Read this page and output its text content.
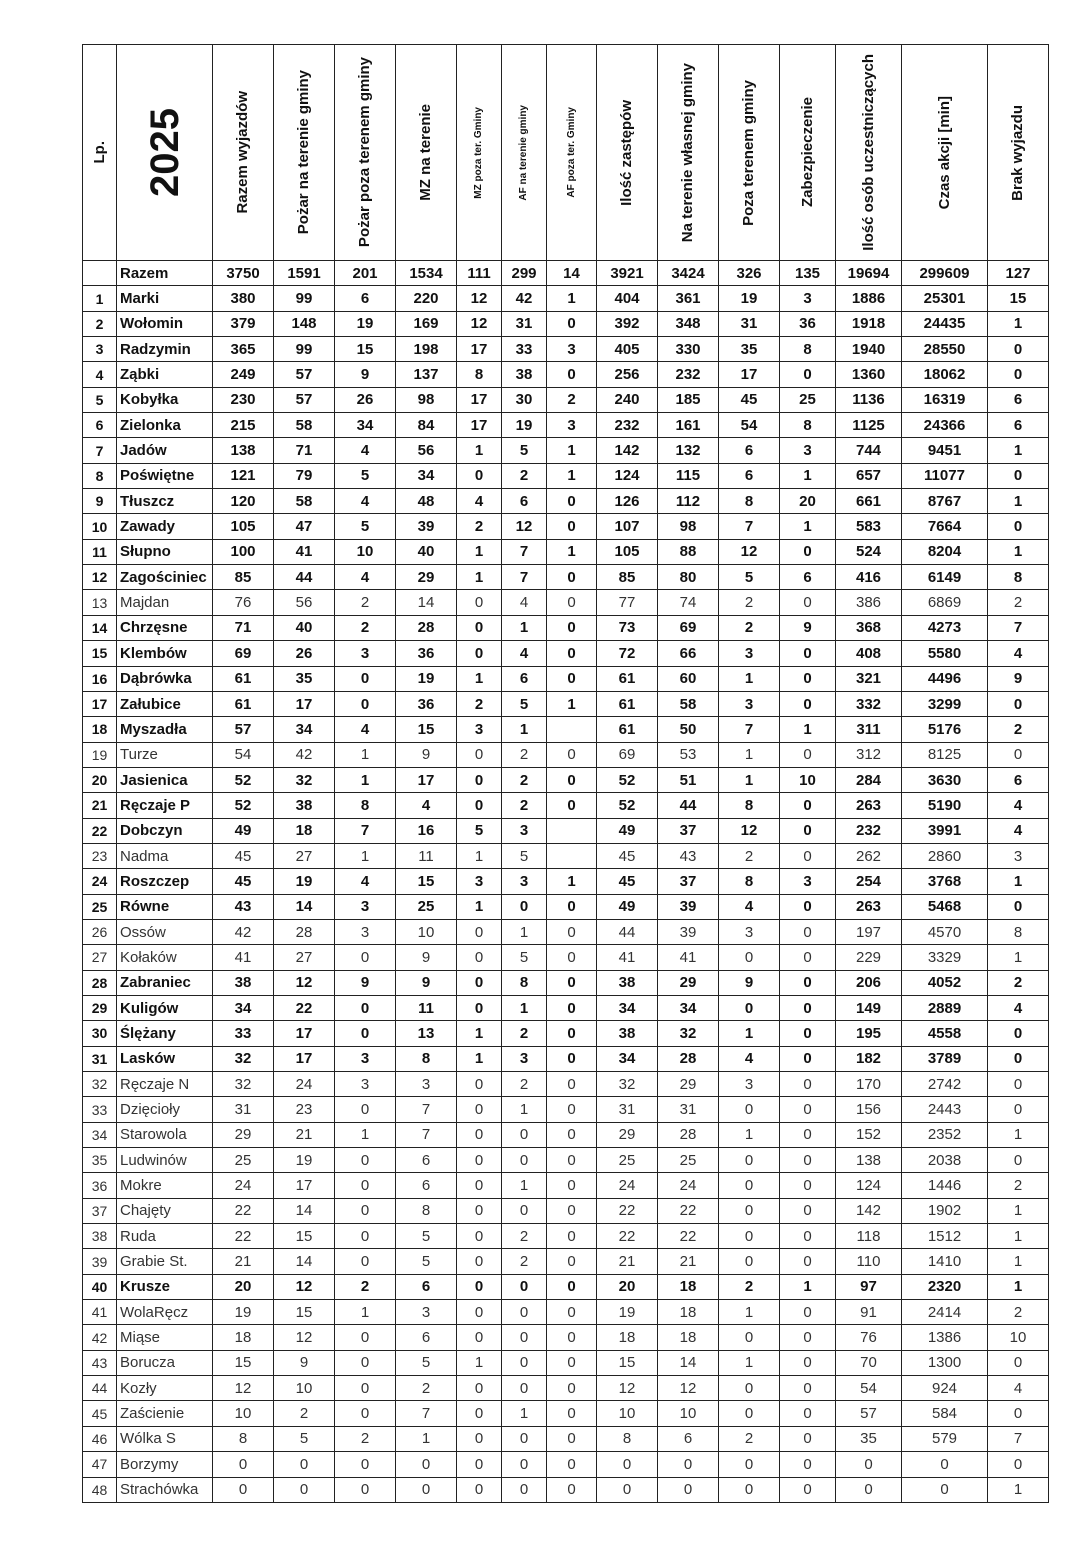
Lp.	2025	Razem wyjazdów	Pożar na terenie gminy	Pożar poza terenem gminy	MZ na terenie	MZ poza ter. Gminy	AF na terenie gminy	AF poza ter. Gminy	Ilość zastępów	Na terenie własnej gminy	Poza terenem gminy	Zabezpieczenie	Ilość osób uczestniczących	Czas akcji [min]	Brak wyjazdu

	Razem	3750	1591	201	1534	111	299	14	3921	3424	326	135	19694	299609	127
1	Marki	380	99	6	220	12	42	1	404	361	19	3	1886	25301	15
2	Wołomin	379	148	19	169	12	31	0	392	348	31	36	1918	24435	1
3	Radzymin	365	99	15	198	17	33	3	405	330	35	8	1940	28550	0
4	Ząbki	249	57	9	137	8	38	0	256	232	17	0	1360	18062	0
5	Kobyłka	230	57	26	98	17	30	2	240	185	45	25	1136	16319	6
6	Zielonka	215	58	34	84	17	19	3	232	161	54	8	1125	24366	6
7	Jadów	138	71	4	56	1	5	1	142	132	6	3	744	9451	1
8	Poświętne	121	79	5	34	0	2	1	124	115	6	1	657	11077	0
9	Tłuszcz	120	58	4	48	4	6	0	126	112	8	20	661	8767	1
10	Zawady	105	47	5	39	2	12	0	107	98	7	1	583	7664	0
11	Słupno	100	41	10	40	1	7	1	105	88	12	0	524	8204	1
12	Zagościniec	85	44	4	29	1	7	0	85	80	5	6	416	6149	8
13	Majdan	76	56	2	14	0	4	0	77	74	2	0	386	6869	2
14	Chrzęsne	71	40	2	28	0	1	0	73	69	2	9	368	4273	7
15	Klembów	69	26	3	36	0	4	0	72	66	3	0	408	5580	4
16	Dąbrówka	61	35	0	19	1	6	0	61	60	1	0	321	4496	9
17	Załubice	61	17	0	36	2	5	1	61	58	3	0	332	3299	0
18	Myszadła	57	34	4	15	3	1		61	50	7	1	311	5176	2
19	Turze	54	42	1	9	0	2	0	69	53	1	0	312	8125	0
20	Jasienica	52	32	1	17	0	2	0	52	51	1	10	284	3630	6
21	Ręczaje P	52	38	8	4	0	2	0	52	44	8	0	263	5190	4
22	Dobczyn	49	18	7	16	5	3		49	37	12	0	232	3991	4
23	Nadma	45	27	1	11	1	5		45	43	2	0	262	2860	3
24	Roszczep	45	19	4	15	3	3	1	45	37	8	3	254	3768	1
25	Równe	43	14	3	25	1	0	0	49	39	4	0	263	5468	0
26	Ossów	42	28	3	10	0	1	0	44	39	3	0	197	4570	8
27	Kołaków	41	27	0	9	0	5	0	41	41	0	0	229	3329	1
28	Zabraniec	38	12	9	9	0	8	0	38	29	9	0	206	4052	2
29	Kuligów	34	22	0	11	0	1	0	34	34	0	0	149	2889	4
30	Ślężany	33	17	0	13	1	2	0	38	32	1	0	195	4558	0
31	Lasków	32	17	3	8	1	3	0	34	28	4	0	182	3789	0
32	Ręczaje N	32	24	3	3	0	2	0	32	29	3	0	170	2742	0
33	Dzięcioły	31	23	0	7	0	1	0	31	31	0	0	156	2443	0
34	Starowola	29	21	1	7	0	0	0	29	28	1	0	152	2352	1
35	Ludwinów	25	19	0	6	0	0	0	25	25	0	0	138	2038	0
36	Mokre	24	17	0	6	0	1	0	24	24	0	0	124	1446	2
37	Chajęty	22	14	0	8	0	0	0	22	22	0	0	142	1902	1
38	Ruda	22	15	0	5	0	2	0	22	22	0	0	118	1512	1
39	Grabie St.	21	14	0	5	0	2	0	21	21	0	0	110	1410	1
40	Krusze	20	12	2	6	0	0	0	20	18	2	1	97	2320	1
41	WolaRęcz	19	15	1	3	0	0	0	19	18	1	0	91	2414	2
42	Miąse	18	12	0	6	0	0	0	18	18	0	0	76	1386	10
43	Borucza	15	9	0	5	1	0	0	15	14	1	0	70	1300	0
44	Kozły	12	10	0	2	0	0	0	12	12	0	0	54	924	4
45	Zaścienie	10	2	0	7	0	1	0	10	10	0	0	57	584	0
46	Wólka S	8	5	2	1	0	0	0	8	6	2	0	35	579	7
47	Borzymy	0	0	0	0	0	0	0	0	0	0	0	0	0	0
48	Strachówka	0	0	0	0	0	0	0	0	0	0	0	0	0	1
